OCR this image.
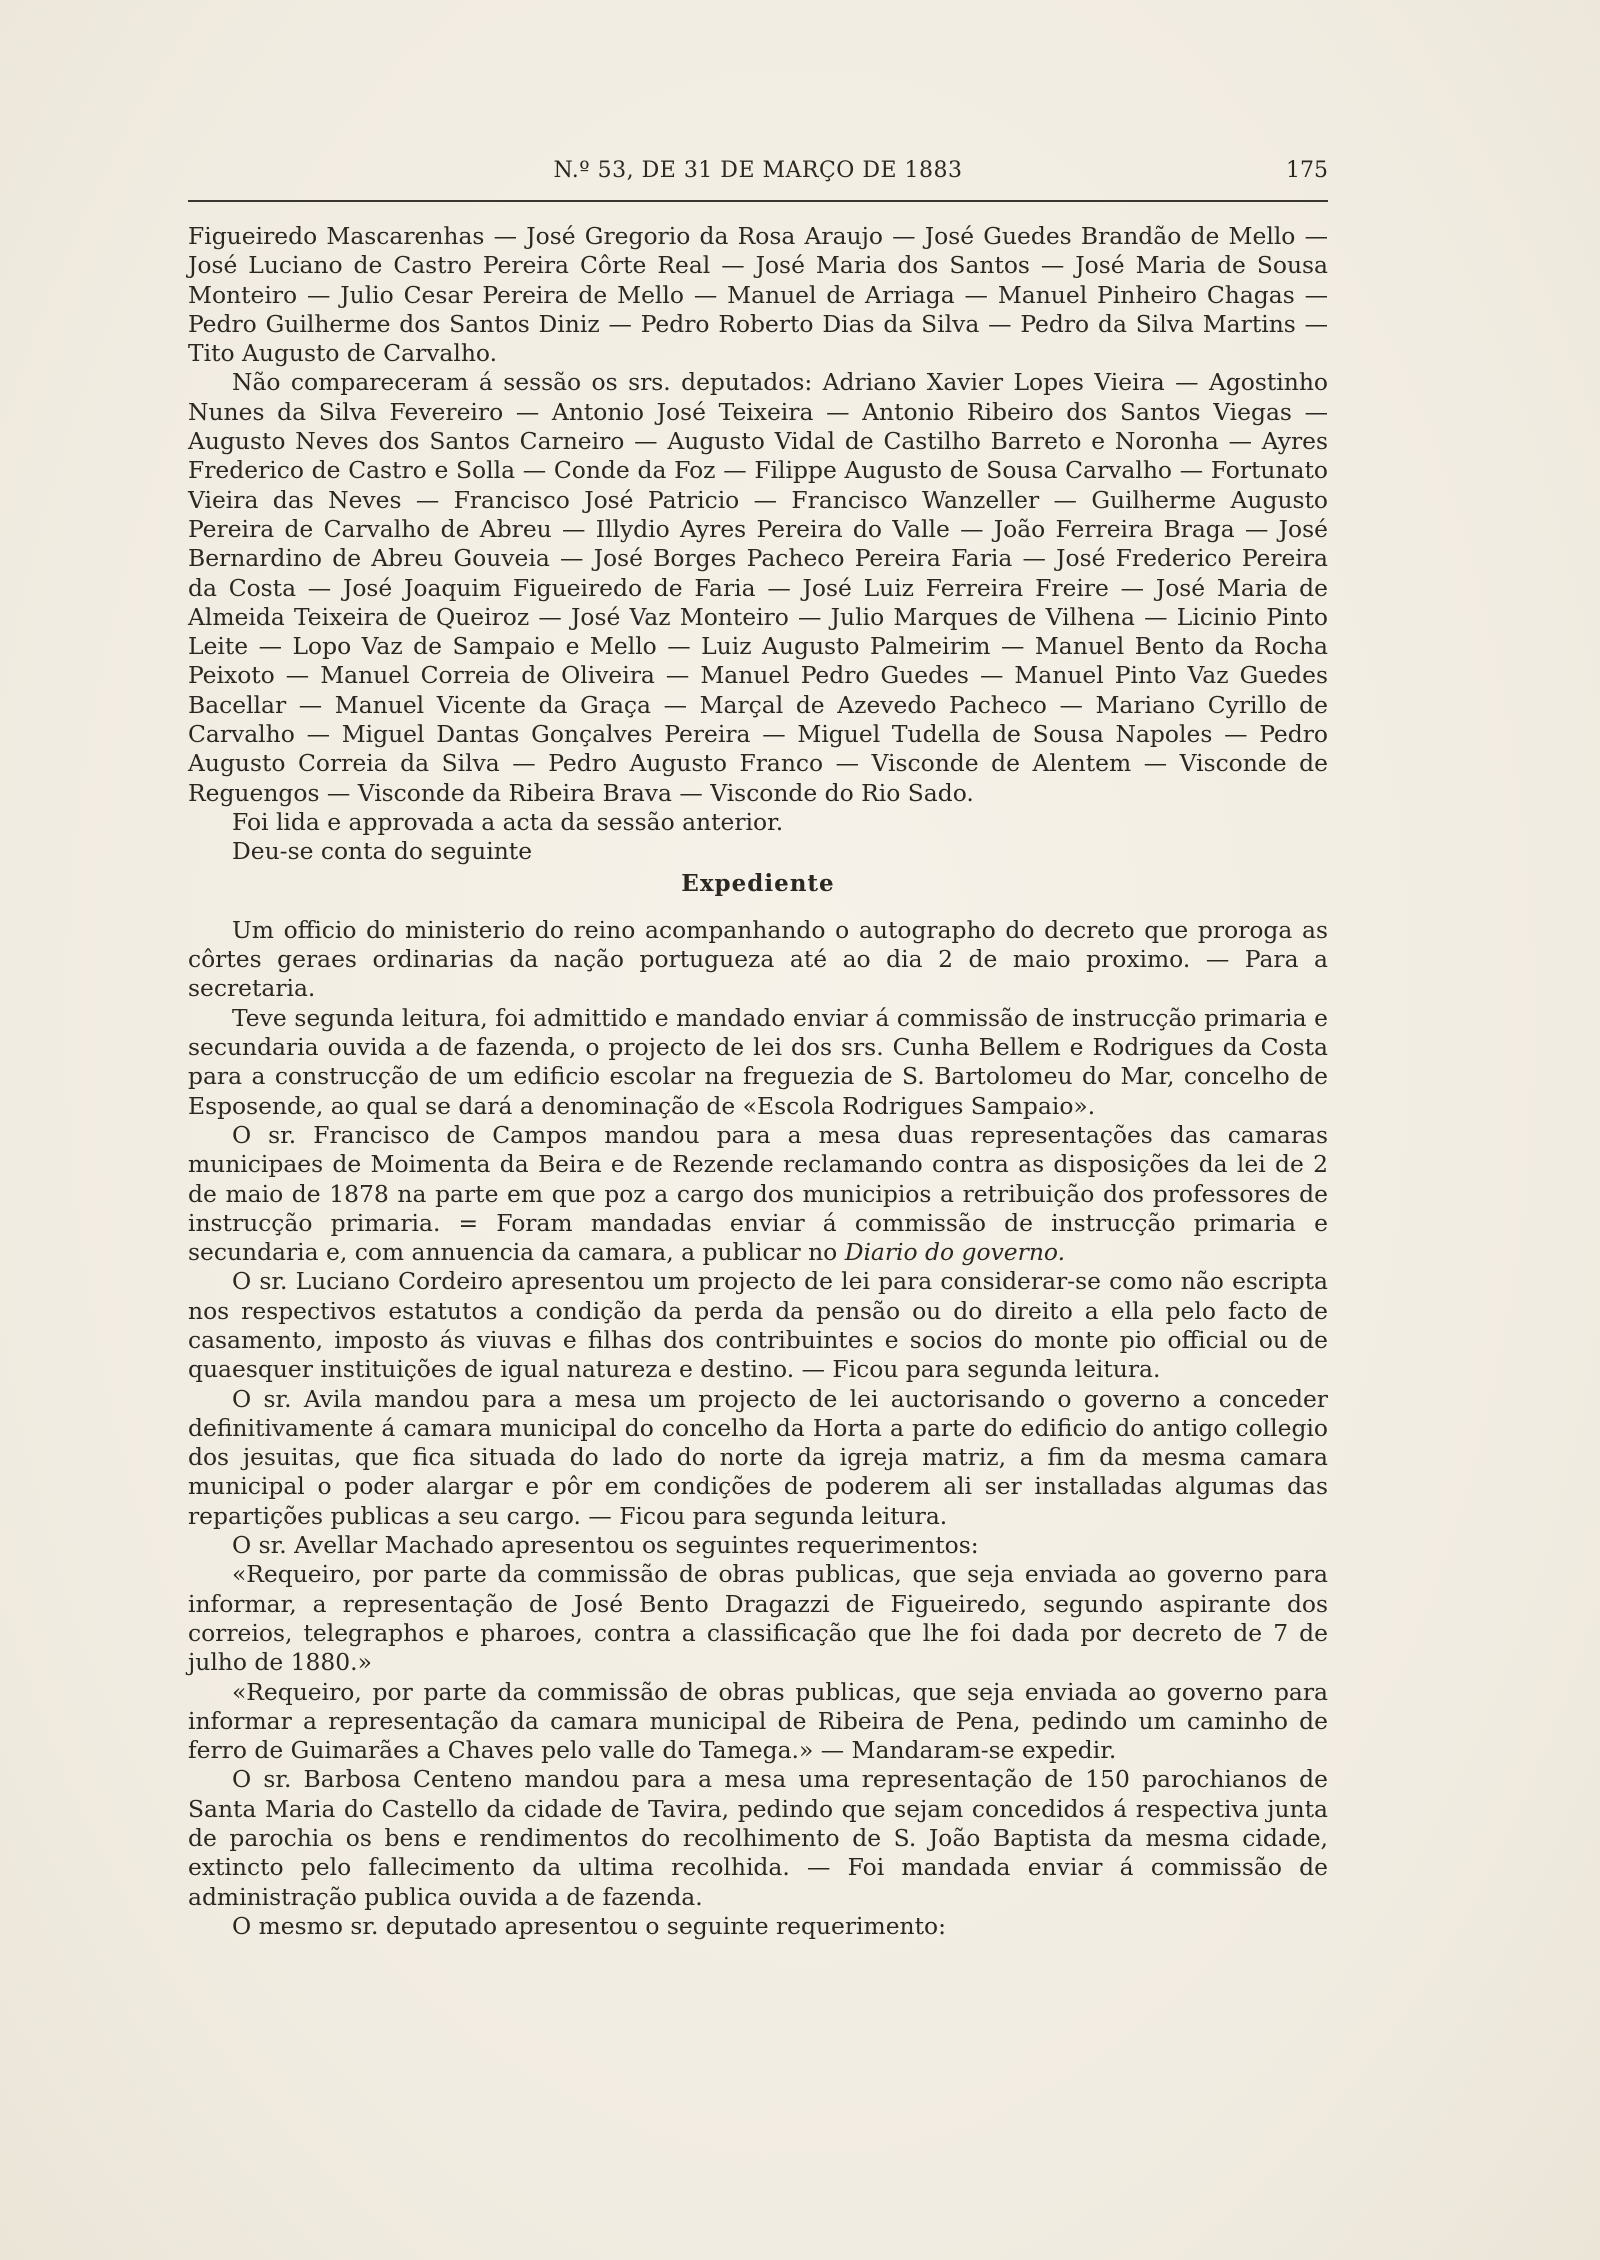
N.º 53, DE 31 DE MARÇO DE 1883	175

Figueiredo Mascarenhas — José Gregorio da Rosa Araujo — José Guedes Brandão de Mello — José Luciano de Castro Pereira Côrte Real — José Maria dos Santos — José Maria de Sousa Monteiro — Julio Cesar Pereira de Mello — Manuel de Arriaga — Manuel Pinheiro Chagas — Pedro Guilherme dos Santos Diniz — Pedro Roberto Dias da Silva — Pedro da Silva Martins — Tito Augusto de Carvalho.

Não compareceram á sessão os srs. deputados: Adriano Xavier Lopes Vieira — Agostinho Nunes da Silva Fevereiro — Antonio José Teixeira — Antonio Ribeiro dos Santos Viegas — Augusto Neves dos Santos Carneiro — Augusto Vidal de Castilho Barreto e Noronha — Ayres Frederico de Castro e Solla — Conde da Foz — Filippe Augusto de Sousa Carvalho — Fortunato Vieira das Neves — Francisco José Patricio — Francisco Wanzeller — Guilherme Augusto Pereira de Carvalho de Abreu — Illydio Ayres Pereira do Valle — João Ferreira Braga — José Bernardino de Abreu Gouveia — José Borges Pacheco Pereira Faria — José Frederico Pereira da Costa — José Joaquim Figueiredo de Faria — José Luiz Ferreira Freire — José Maria de Almeida Teixeira de Queiroz — José Vaz Monteiro — Julio Marques de Vilhena — Licinio Pinto Leite — Lopo Vaz de Sampaio e Mello — Luiz Augusto Palmeirim — Manuel Bento da Rocha Peixoto — Manuel Correia de Oliveira — Manuel Pedro Guedes — Manuel Pinto Vaz Guedes Bacellar — Manuel Vicente da Graça — Marçal de Azevedo Pacheco — Mariano Cyrillo de Carvalho — Miguel Dantas Gonçalves Pereira — Miguel Tudella de Sousa Napoles — Pedro Augusto Correia da Silva — Pedro Augusto Franco — Visconde de Alentem — Visconde de Reguengos — Visconde da Ribeira Brava — Visconde do Rio Sado.

Foi lida e approvada a acta da sessão anterior.

Deu-se conta do seguinte

Expediente

Um officio do ministerio do reino acompanhando o autographo do decreto que proroga as côrtes geraes ordinarias da nação portugueza até ao dia 2 de maio proximo. — Para a secretaria.

Teve segunda leitura, foi admittido e mandado enviar á commissão de instrucção primaria e secundaria ouvida a de fazenda, o projecto de lei dos srs. Cunha Bellem e Rodrigues da Costa para a construcção de um edificio escolar na freguezia de S. Bartolomeu do Mar, concelho de Esposende, ao qual se dará a denominação de «Escola Rodrigues Sampaio».

O sr. Francisco de Campos mandou para a mesa duas representações das camaras municipaes de Moimenta da Beira e de Rezende reclamando contra as disposições da lei de 2 de maio de 1878 na parte em que poz a cargo dos municipios a retribuição dos professores de instrucção primaria. = Foram mandadas enviar á commissão de instrucção primaria e secundaria e, com annuencia da camara, a publicar no Diario do governo.

O sr. Luciano Cordeiro apresentou um projecto de lei para considerar-se como não escripta nos respectivos estatutos a condição da perda da pensão ou do direito a ella pelo facto de casamento, imposto ás viuvas e filhas dos contribuintes e socios do monte pio official ou de quaesquer instituições de igual natureza e destino. — Ficou para segunda leitura.

O sr. Avila mandou para a mesa um projecto de lei auctorisando o governo a conceder definitivamente á camara municipal do concelho da Horta a parte do edificio do antigo collegio dos jesuitas, que fica situada do lado do norte da igreja matriz, a fim da mesma camara municipal o poder alargar e pôr em condições de poderem ali ser installadas algumas das repartições publicas a seu cargo. — Ficou para segunda leitura.

O sr. Avellar Machado apresentou os seguintes requerimentos:

«Requeiro, por parte da commissão de obras publicas, que seja enviada ao governo para informar, a representação de José Bento Dragazzi de Figueiredo, segundo aspirante dos correios, telegraphos e pharoes, contra a classificação que lhe foi dada por decreto de 7 de julho de 1880.»

«Requeiro, por parte da commissão de obras publicas, que seja enviada ao governo para informar a representação da camara municipal de Ribeira de Pena, pedindo um caminho de ferro de Guimarães a Chaves pelo valle do Tamega.» — Mandaram-se expedir.

O sr. Barbosa Centeno mandou para a mesa uma representação de 150 parochianos de Santa Maria do Castello da cidade de Tavira, pedindo que sejam concedidos á respectiva junta de parochia os bens e rendimentos do recolhimento de S. João Baptista da mesma cidade, extincto pelo fallecimento da ultima recolhida. — Foi mandada enviar á commissão de administração publica ouvida a de fazenda.

O mesmo sr. deputado apresentou o seguinte requerimento:
